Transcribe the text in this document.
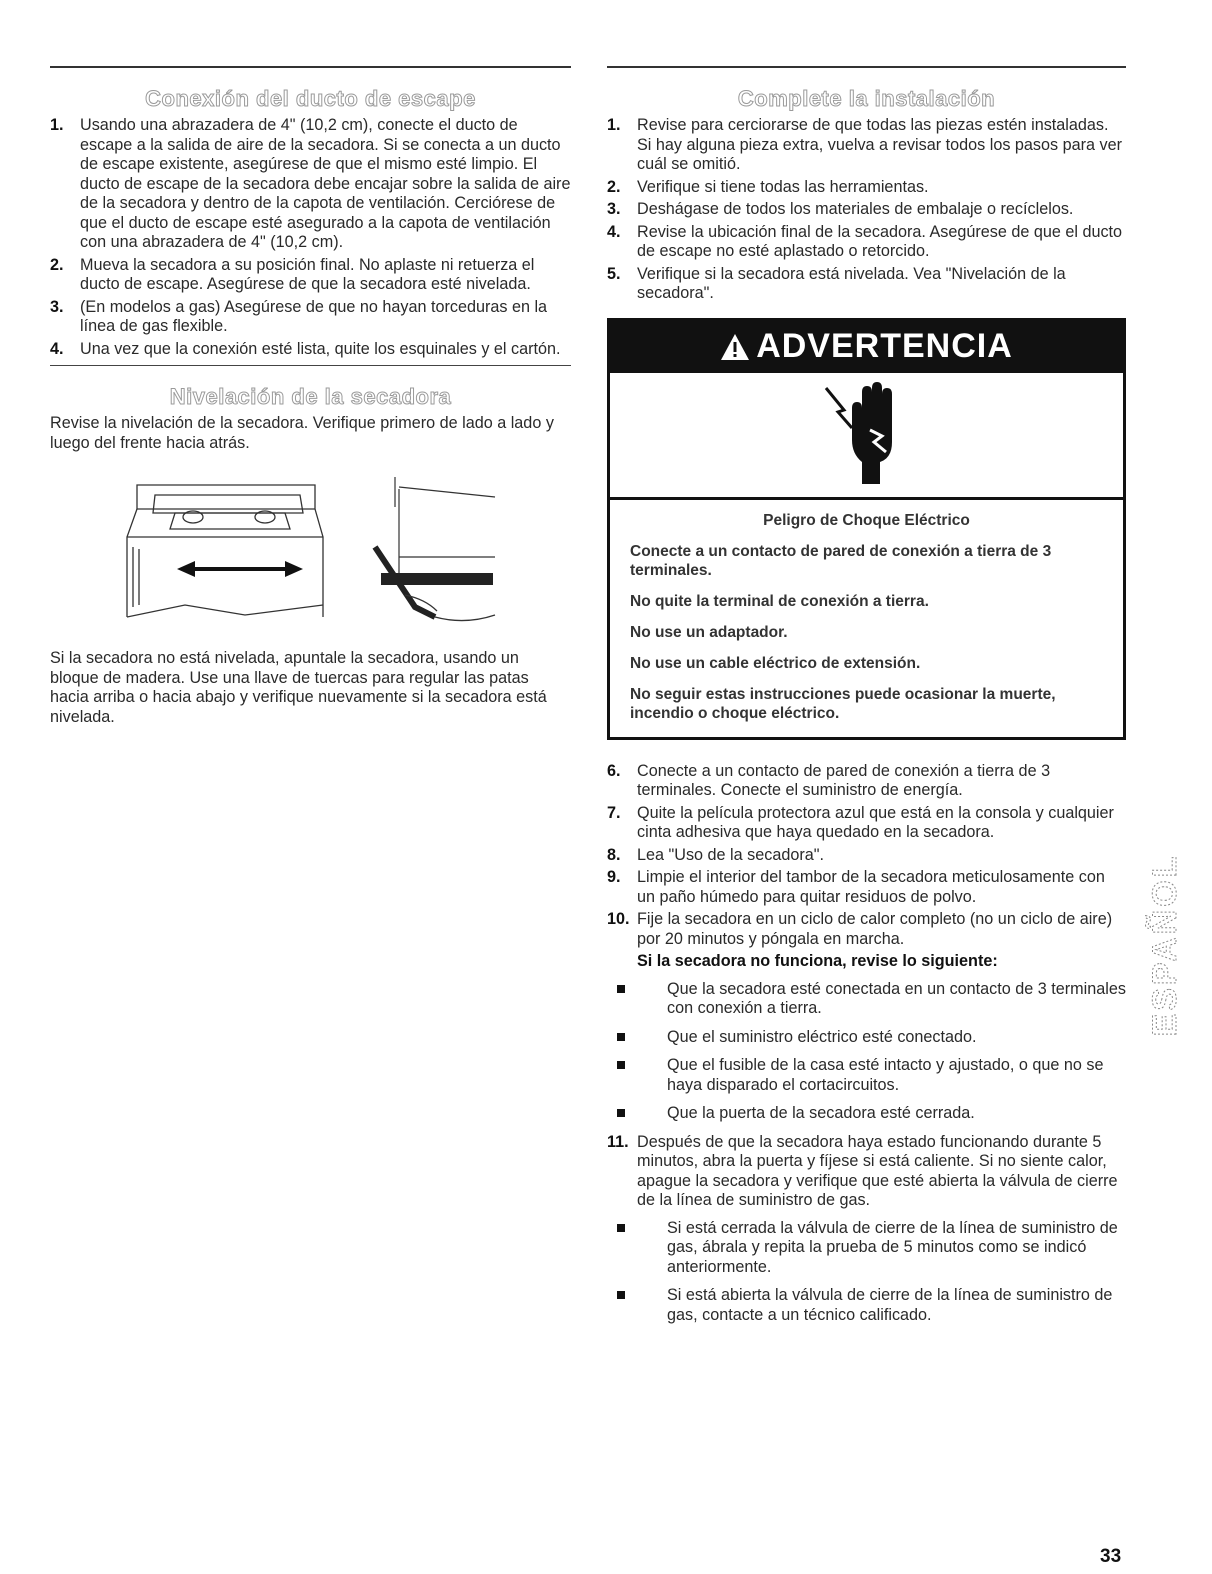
Conexión del ducto de escape
1. Usando una abrazadera de 4" (10,2 cm), conecte el ducto de escape a la salida de aire de la secadora. Si se conecta a un ducto de escape existente, asegúrese de que el mismo esté limpio. El ducto de escape de la secadora debe encajar sobre la salida de aire de la secadora y dentro de la capota de ventilación. Cerciórese de que el ducto de escape esté asegurado a la capota de ventilación con una abrazadera de 4" (10,2 cm).
2. Mueva la secadora a su posición final. No aplaste ni retuerza el ducto de escape. Asegúrese de que la secadora esté nivelada.
3. (En modelos a gas) Asegúrese de que no hayan torceduras en la línea de gas flexible.
4. Una vez que la conexión esté lista, quite los esquinales y el cartón.
Nivelación de la secadora

Revise la nivelación de la secadora. Verifique primero de lado a lado y luego del frente hacia atrás.

Si la secadora no está nivelada, apuntale la secadora, usando un bloque de madera. Use una llave de tuercas para regular las patas hacia arriba o hacia abajo y verifique nuevamente si la secadora está nivelada.

Complete la instalación
1. Revise para cerciorarse de que todas las piezas estén instaladas. Si hay alguna pieza extra, vuelva a revisar todos los pasos para ver cuál se omitió.
2. Verifique si tiene todas las herramientas.
3. Deshágase de todos los materiales de embalaje o recíclelos.
4. Revise la ubicación final de la secadora. Asegúrese de que el ducto de escape no esté aplastado o retorcido.
5. Verifique si la secadora está nivelada. Vea "Nivelación de la secadora".
ADVERTENCIA
Peligro de Choque Eléctrico
Conecte a un contacto de pared de conexión a tierra de 3 terminales.
No quite la terminal de conexión a tierra.
No use un adaptador.
No use un cable eléctrico de extensión.
No seguir estas instrucciones puede ocasionar la muerte, incendio o choque eléctrico.
6. Conecte a un contacto de pared de conexión a tierra de 3 terminales. Conecte el suministro de energía.
7. Quite la película protectora azul que está en la consola y cualquier cinta adhesiva que haya quedado en la secadora.
8. Lea "Uso de la secadora".
9. Limpie el interior del tambor de la secadora meticulosamente con un paño húmedo para quitar residuos de polvo.
10. Fije la secadora en un ciclo de calor completo (no un ciclo de aire) por 20 minutos y póngala en marcha.
Si la secadora no funciona, revise lo siguiente:
Que la secadora esté conectada en un contacto de 3 terminales con conexión a tierra.
Que el suministro eléctrico esté conectado.
Que el fusible de la casa esté intacto y ajustado, o que no se haya disparado el cortacircuitos.
Que la puerta de la secadora esté cerrada.
11. Después de que la secadora haya estado funcionando durante 5 minutos, abra la puerta y fíjese si está caliente. Si no siente calor, apague la secadora y verifique que esté abierta la válvula de cierre de la línea de suministro de gas.
Si está cerrada la válvula de cierre de la línea de suministro de gas, ábrala y repita la prueba de 5 minutos como se indicó anteriormente.
Si está abierta la válvula de cierre de la línea de suministro de gas, contacte a un técnico calificado.
ESPAÑOL
33
